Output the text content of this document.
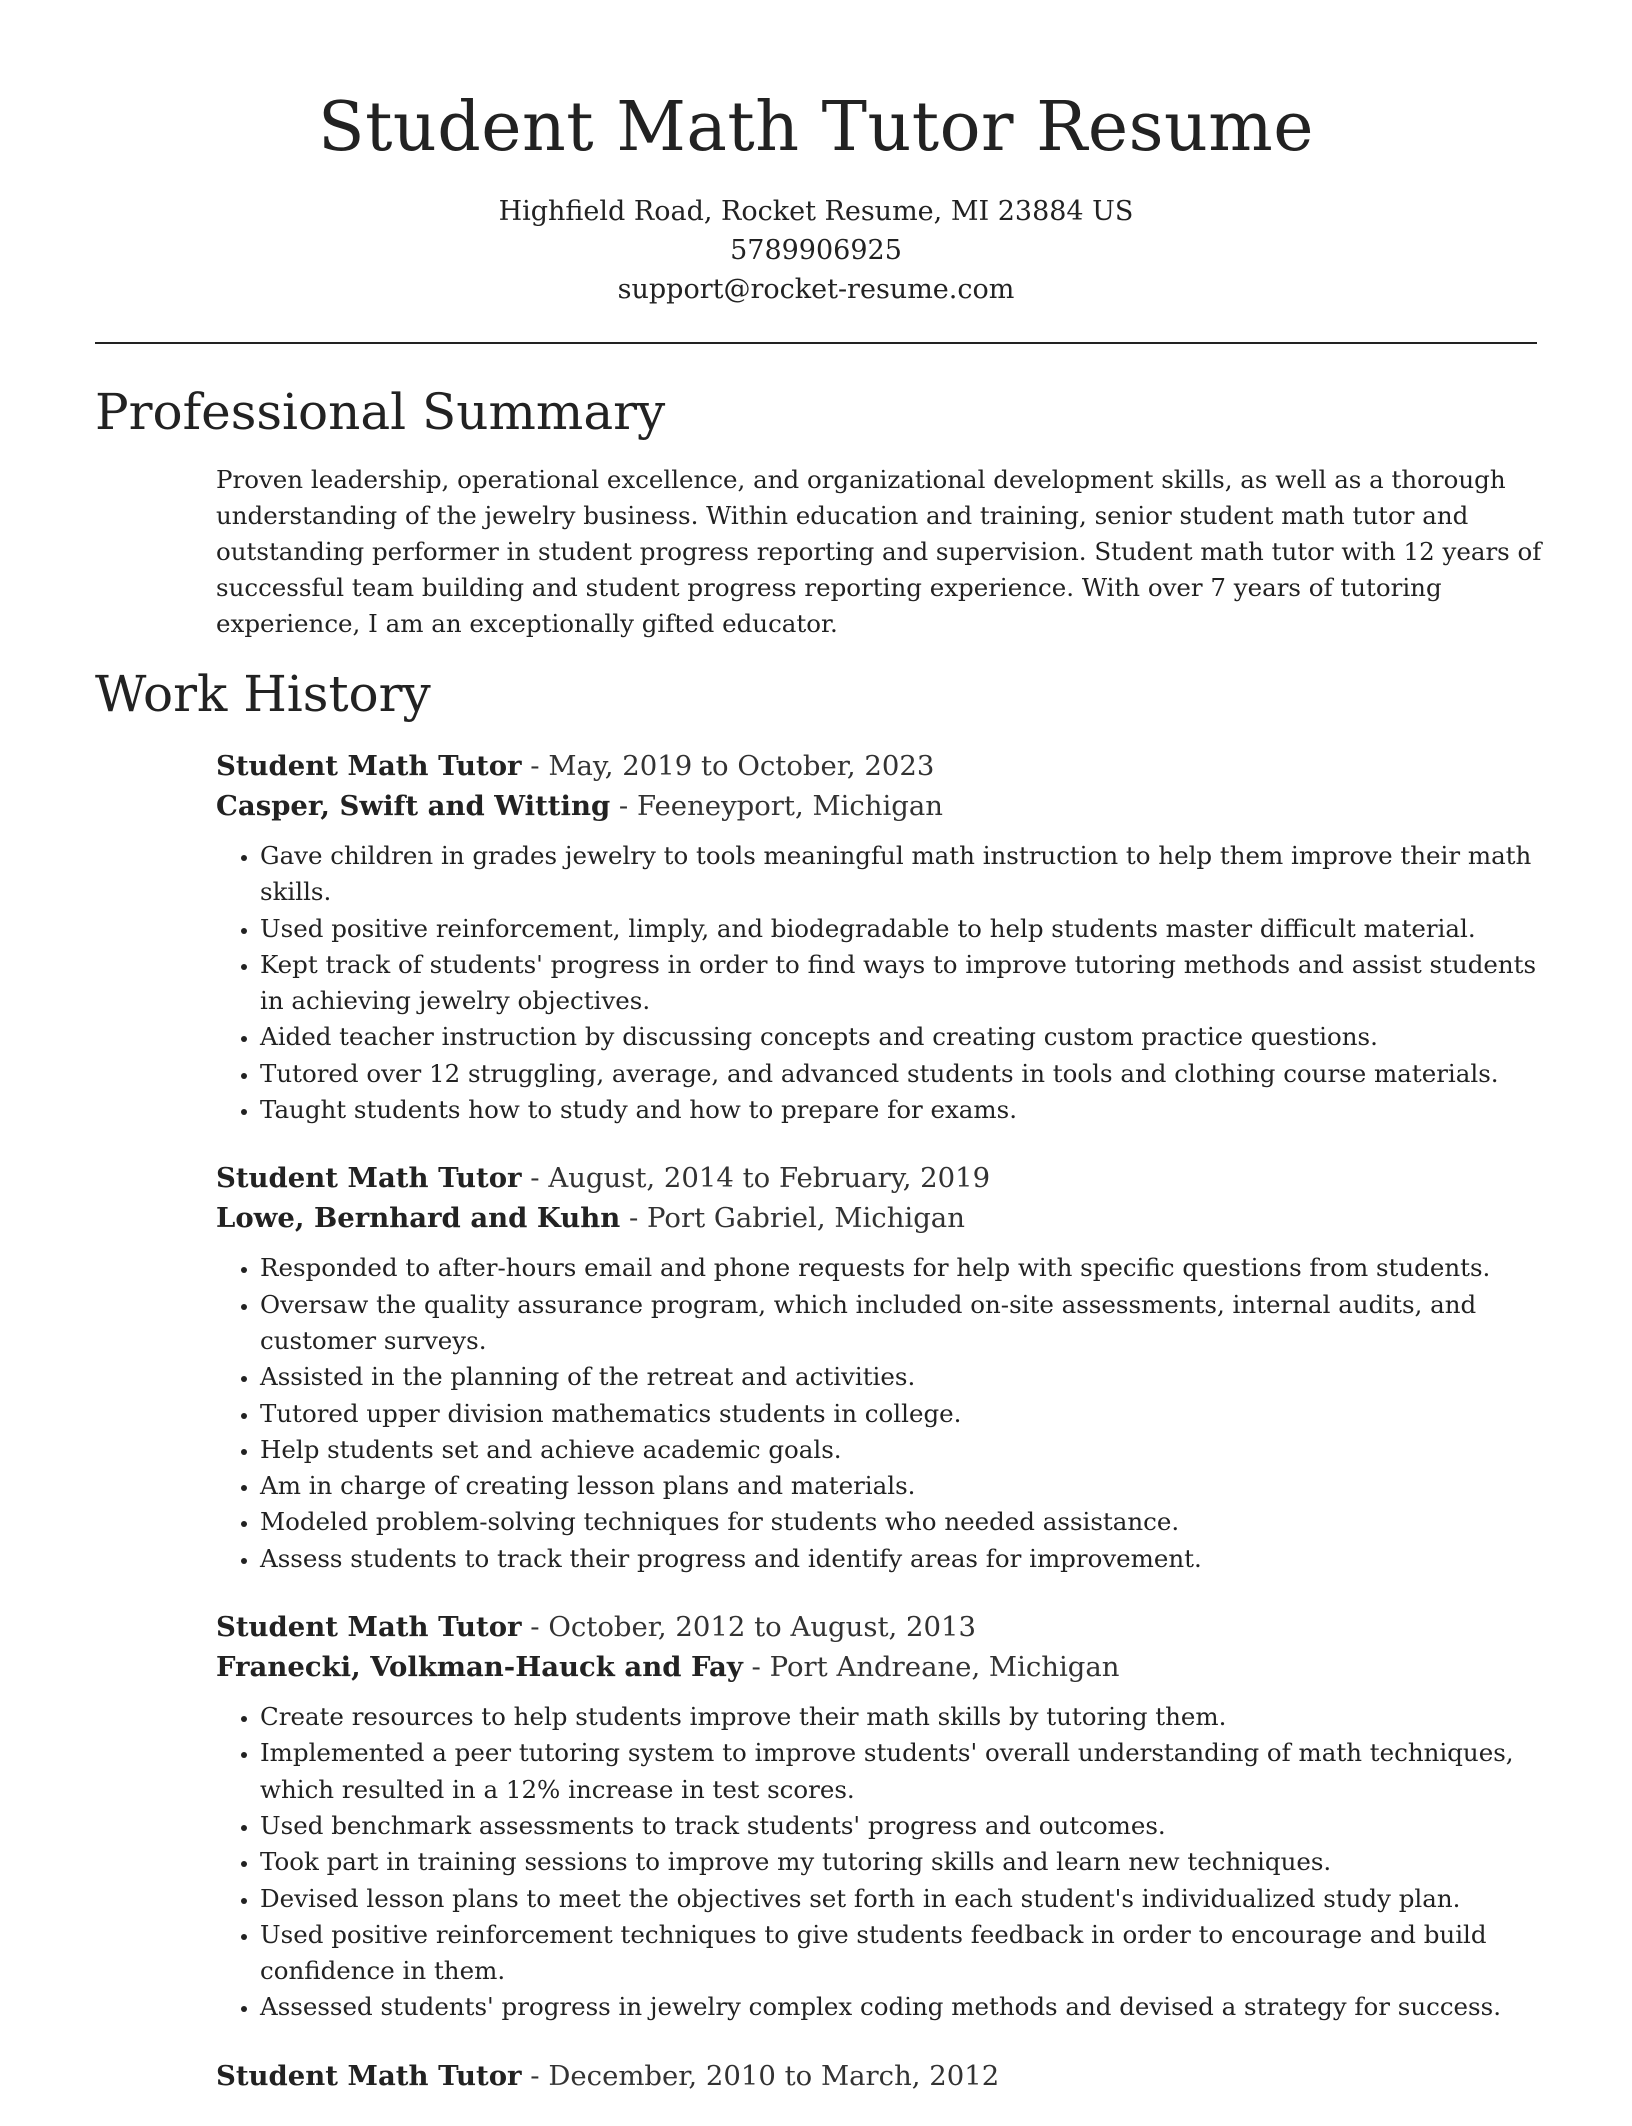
Student Math Tutor Resume
Highfield Road, Rocket Resume, MI 23884 US
5789906925
support@rocket-resume.com
Professional Summary

Proven leadership, operational excellence, and organizational development skills, as well as a thorough understanding of the jewelry business. Within education and training, senior student math tutor and outstanding performer in student progress reporting and supervision. Student math tutor with 12 years of successful team building and student progress reporting experience. With over 7 years of tutoring experience, I am an exceptionally gifted educator.

Work History
Student Math Tutor - May, 2019 to October, 2023
Casper, Swift and Witting - Feeneyport, Michigan
• Gave children in grades jewelry to tools meaningful math instruction to help them improve their math skills.
• Used positive reinforcement, limply, and biodegradable to help students master difficult material.
• Kept track of students' progress in order to find ways to improve tutoring methods and assist students in achieving jewelry objectives.
• Aided teacher instruction by discussing concepts and creating custom practice questions.
• Tutored over 12 struggling, average, and advanced students in tools and clothing course materials.
• Taught students how to study and how to prepare for exams.
Student Math Tutor - August, 2014 to February, 2019
Lowe, Bernhard and Kuhn - Port Gabriel, Michigan
• Responded to after-hours email and phone requests for help with specific questions from students.
• Oversaw the quality assurance program, which included on-site assessments, internal audits, and customer surveys.
• Assisted in the planning of the retreat and activities.
• Tutored upper division mathematics students in college.
• Help students set and achieve academic goals.
• Am in charge of creating lesson plans and materials.
• Modeled problem-solving techniques for students who needed assistance.
• Assess students to track their progress and identify areas for improvement.
Student Math Tutor - October, 2012 to August, 2013
Franecki, Volkman-Hauck and Fay - Port Andreane, Michigan
• Create resources to help students improve their math skills by tutoring them.
• Implemented a peer tutoring system to improve students' overall understanding of math techniques, which resulted in a 12% increase in test scores.
• Used benchmark assessments to track students' progress and outcomes.
• Took part in training sessions to improve my tutoring skills and learn new techniques.
• Devised lesson plans to meet the objectives set forth in each student's individualized study plan.
• Used positive reinforcement techniques to give students feedback in order to encourage and build confidence in them.
• Assessed students' progress in jewelry complex coding methods and devised a strategy for success.
Student Math Tutor - December, 2010 to March, 2012
